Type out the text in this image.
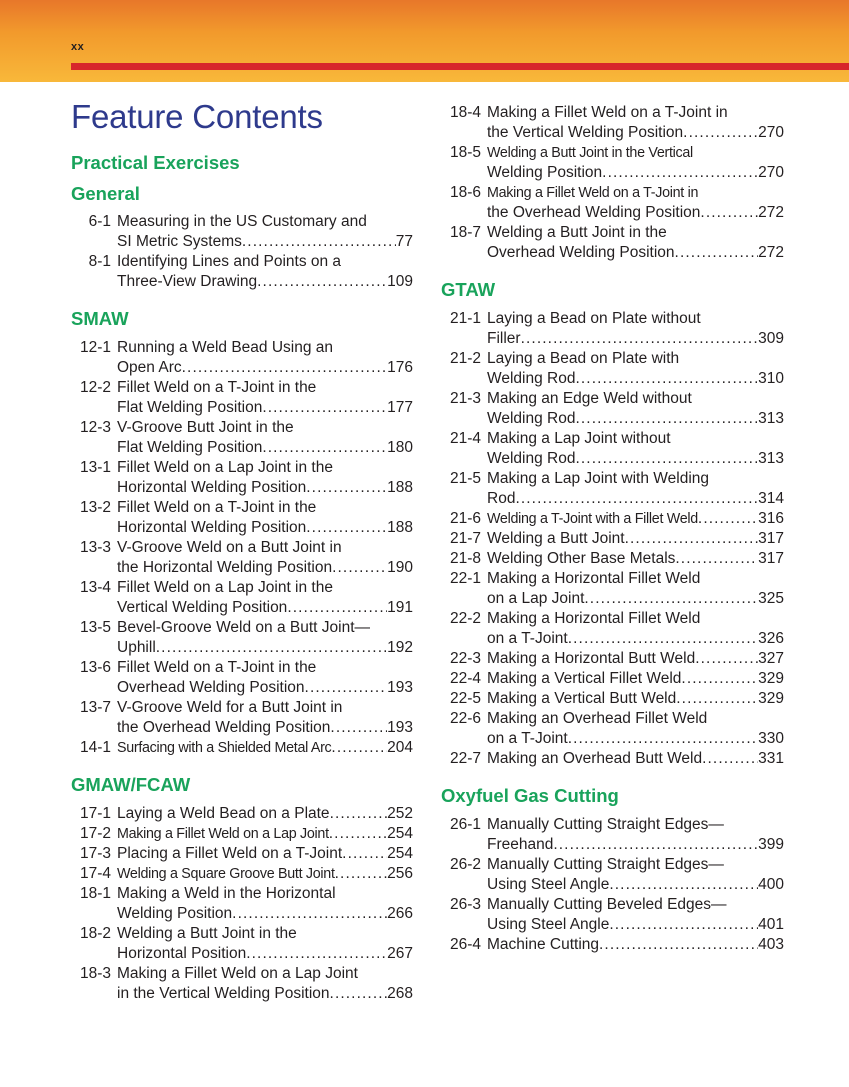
xx
Feature Contents
Practical Exercises
General
6-1 Measuring in the US Customary and
SI Metric Systems . . .	77
8-1 Identifying Lines and Points on a
Three-View Drawing . . .	109
SMAW
12-1 Running a Weld Bead Using an
Open Arc . . .	176
12-2 Fillet Weld on a T-Joint in the
Flat Welding Position . . .	177
12-3 V-Groove Butt Joint in the
Flat Welding Position . . .	180
13-1 Fillet Weld on a Lap Joint in the
Horizontal Welding Position . . .	188
13-2 Fillet Weld on a T-Joint in the
Horizontal Welding Position . . .	188
13-3 V-Groove Weld on a Butt Joint in
the Horizontal Welding Position . . .	190
13-4 Fillet Weld on a Lap Joint in the
Vertical Welding Position . . .	191
13-5 Bevel-Groove Weld on a Butt Joint—
Uphill . . .	192
13-6 Fillet Weld on a T-Joint in the
Overhead Welding Position . . .	193
13-7 V-Groove Weld for a Butt Joint in
the Overhead Welding Position . . .	193
14-1 Surfacing with a Shielded Metal Arc . . .	204
GMAW/FCAW
17-1 Laying a Weld Bead on a Plate . . .	252
17-2 Making a Fillet Weld on a Lap Joint . . .	254
17-3 Placing a Fillet Weld on a T-Joint . . .	254
17-4 Welding a Square Groove Butt Joint . . .	256
18-1 Making a Weld in the Horizontal
Welding Position . . .	266
18-2 Welding a Butt Joint in the
Horizontal Position . . .	267
18-3 Making a Fillet Weld on a Lap Joint
in the Vertical Welding Position . . .	268
18-4 Making a Fillet Weld on a T-Joint in
the Vertical Welding Position . . .	270
18-5 Welding a Butt Joint in the Vertical
Welding Position . . .	270
18-6 Making a Fillet Weld on a T-Joint in
the Overhead Welding Position . . .	272
18-7 Welding a Butt Joint in the
Overhead Welding Position . . .	272
GTAW
21-1 Laying a Bead on Plate without
Filler . . .	309
21-2 Laying a Bead on Plate with
Welding Rod . . .	310
21-3 Making an Edge Weld without
Welding Rod . . .	313
21-4 Making a Lap Joint without
Welding Rod . . .	313
21-5 Making a Lap Joint with Welding
Rod . . .	314
21-6 Welding a T-Joint with a Fillet Weld . . .	316
21-7 Welding a Butt Joint . . .	317
21-8 Welding Other Base Metals . . .	317
22-1 Making a Horizontal Fillet Weld
on a Lap Joint . . .	325
22-2 Making a Horizontal Fillet Weld
on a T-Joint . . .	326
22-3 Making a Horizontal Butt Weld . . .	327
22-4 Making a Vertical Fillet Weld . . .	329
22-5 Making a Vertical Butt Weld . . .	329
22-6 Making an Overhead Fillet Weld
on a T-Joint . . .	330
22-7 Making an Overhead Butt Weld . . .	331
Oxyfuel Gas Cutting
26-1 Manually Cutting Straight Edges—
Freehand . . .	399
26-2 Manually Cutting Straight Edges—
Using Steel Angle . . .	400
26-3 Manually Cutting Beveled Edges—
Using Steel Angle . . .	401
26-4 Machine Cutting . . .	403
